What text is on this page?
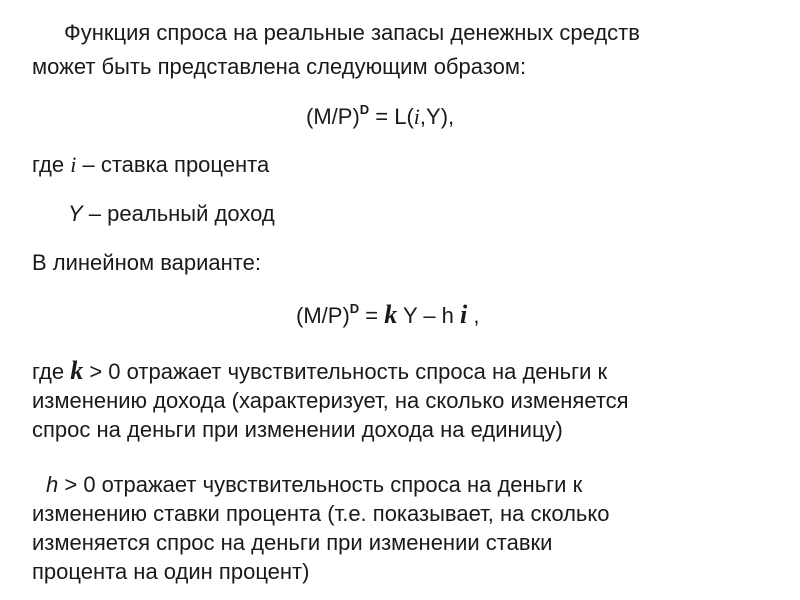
Функция спроса на реальные запасы денежных средств
может быть представлена следующим образом:
$(M/P)^D = L(i,Y)$,
где i – ставка процента
Y – реальный доход
В линейном варианте:
$(M/P)^D = k$ Y – h i ,
где k > 0 отражает чувствительность спроса на деньги к
изменению дохода (характеризует, на сколько изменяется
спрос на деньги при изменении дохода на единицу)
h > 0 отражает чувствительность спроса на деньги к
изменению ставки процента (т.е. показывает, на сколько
изменяется спрос на деньги при изменении ставки
процента на один процент)
